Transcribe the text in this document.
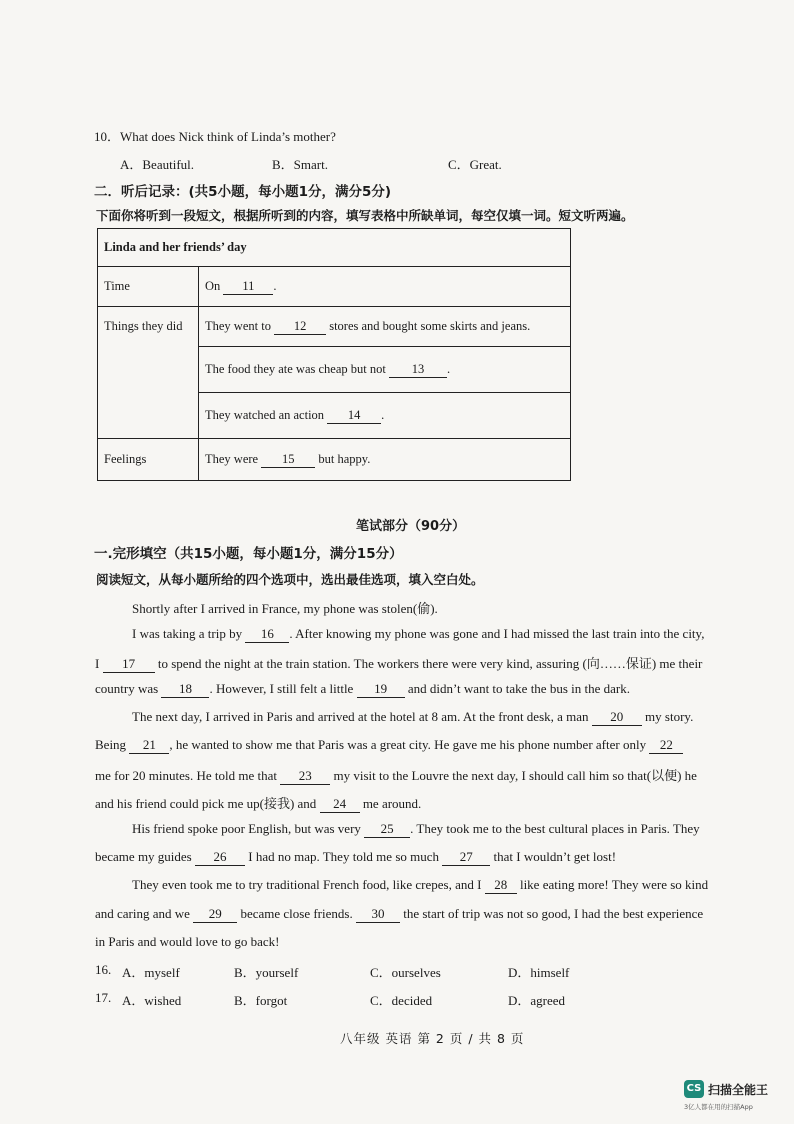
10．What does Nick think of Linda’s mother?
A．Beautiful.	B．Smart.	C．Great.
二．听后记录：(共5小题，每小题1分，满分5分)
下面你将听到一段短文，根据所听到的内容，填写表格中所缺单词，每空仅填一词。短文听两遍。
Linda and her friends’ day	
Time	On 11 .
Things they did	They went to 12 stores and bought some skirts and jeans.
	The food they ate was cheap but not 13 .
	They watched an action 14 .
Feelings	They were 15 but happy.
笔试部分（90分）
一.完形填空（共15小题，每小题1分，满分15分）
阅读短文，从每小题所给的四个选项中，选出最佳选项，填入空白处。
Shortly after I arrived in France, my phone was stolen(偷).
I was taking a trip by 16 . After knowing my phone was gone and I had missed the last train into the city,
I 17 to spend the night at the train station. The workers there were very kind, assuring (向……保证) me their
country was 18 . However, I still felt a little 19 and didn’t want to take the bus in the dark.
The next day, I arrived in Paris and arrived at the hotel at 8 am. At the front desk, a man 20 my story.
Being 21 , he wanted to show me that Paris was a great city. He gave me his phone number after only 22
me for 20 minutes. He told me that 23 my visit to the Louvre the next day, I should call him so that(以便) he
and his friend could pick me up(接我) and 24 me around.
His friend spoke poor English, but was very 25 . They took me to the best cultural places in Paris. They
became my guides 26 I had no map. They told me so much 27 that I wouldn’t get lost!
They even took me to try traditional French food, like crepes, and I 28 like eating more! They were so kind
and caring and we 29 became close friends. 30 the start of trip was not so good, I had the best experience
in Paris and would love to go back!
16. A．myself	B．yourself	C．ourselves	D．himself
17. A．wished	B．forgot	C．decided	D．agreed
八年级 英语 第 2 页 / 共 8 页
CS 扫描全能王
3亿人都在用的扫描App
